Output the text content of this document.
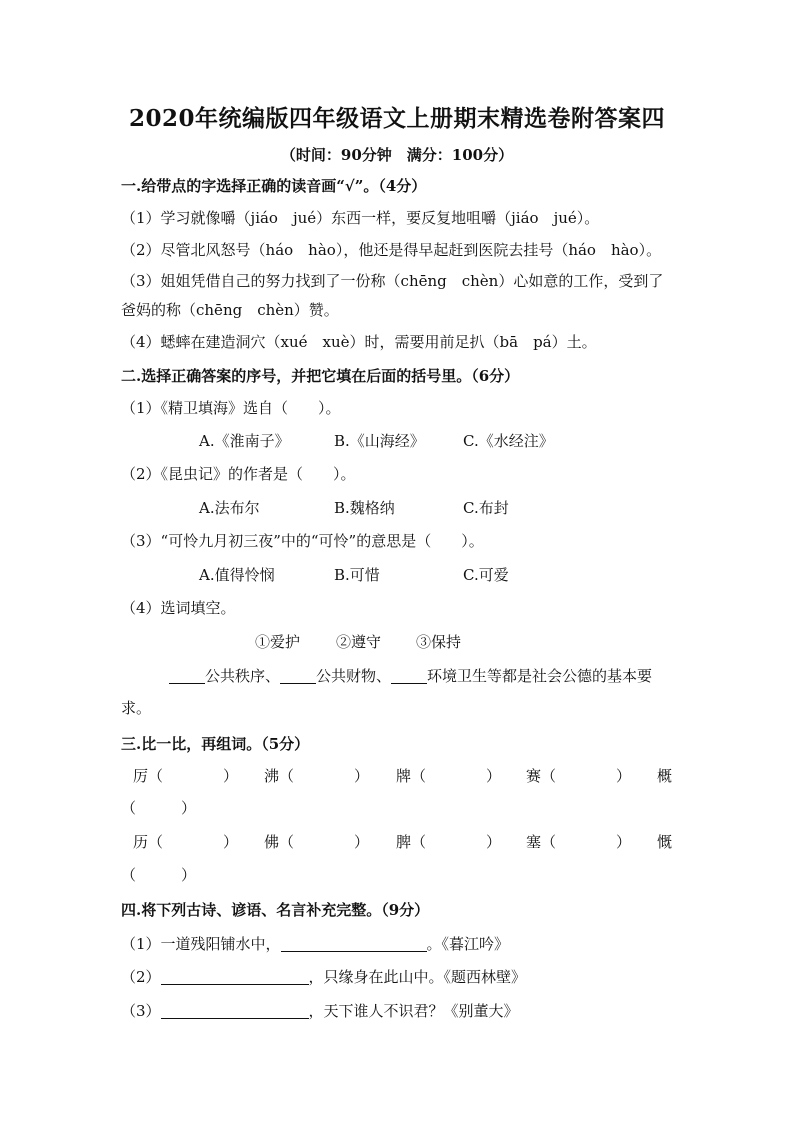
2020年统编版四年级语文上册期末精选卷附答案四
（时间：90分钟　满分：100分）
一.给带点的字选择正确的读音画“√”。（4分）
（1）学习就像嚼（jiáo　jué）东西一样，要反复地咀嚼（jiáo　jué）。
（2）尽管北风怒号（háo　hào），他还是得早起赶到医院去挂号（háo　hào）。
（3）姐姐凭借自己的努力找到了一份称（chēng　chèn）心如意的工作，受到了
爸妈的称（chēng　chèn）赞。
（4）蟋蟀在建造洞穴（xué　xuè）时，需要用前足扒（bā　pá）土。
二.选择正确答案的序号，并把它填在后面的括号里。（6分）
（1）《精卫填海》选自（　　）。
A.《淮南子》	B.《山海经》	C.《水经注》
（2）《昆虫记》的作者是（　　）。
A.法布尔	B.魏格纳	C.布封
（3）“可怜九月初三夜”中的“可怜”的意思是（　　）。
A.值得怜悯	B.可惜	C.可爱
（4）选词填空。
①爱护 ②遵守 ③保持
公共秩序、 公共财物、 环境卫生等都是社会公德的基本要
求。
三.比一比，再组词。（5分）
厉（　　　　） 沸（　　　　） 牌（　　　　） 赛（　　　　） 概
（　　　）
历（　　　　） 佛（　　　　） 脾（　　　　） 塞（　　　　） 慨
（　　　）
四.将下列古诗、谚语、名言补充完整。（9分）
（1）一道残阳铺水中，	。《暮江吟》
（2）	，只缘身在此山中。《题西林壁》
（3）	，天下谁人不识君？《别董大》
